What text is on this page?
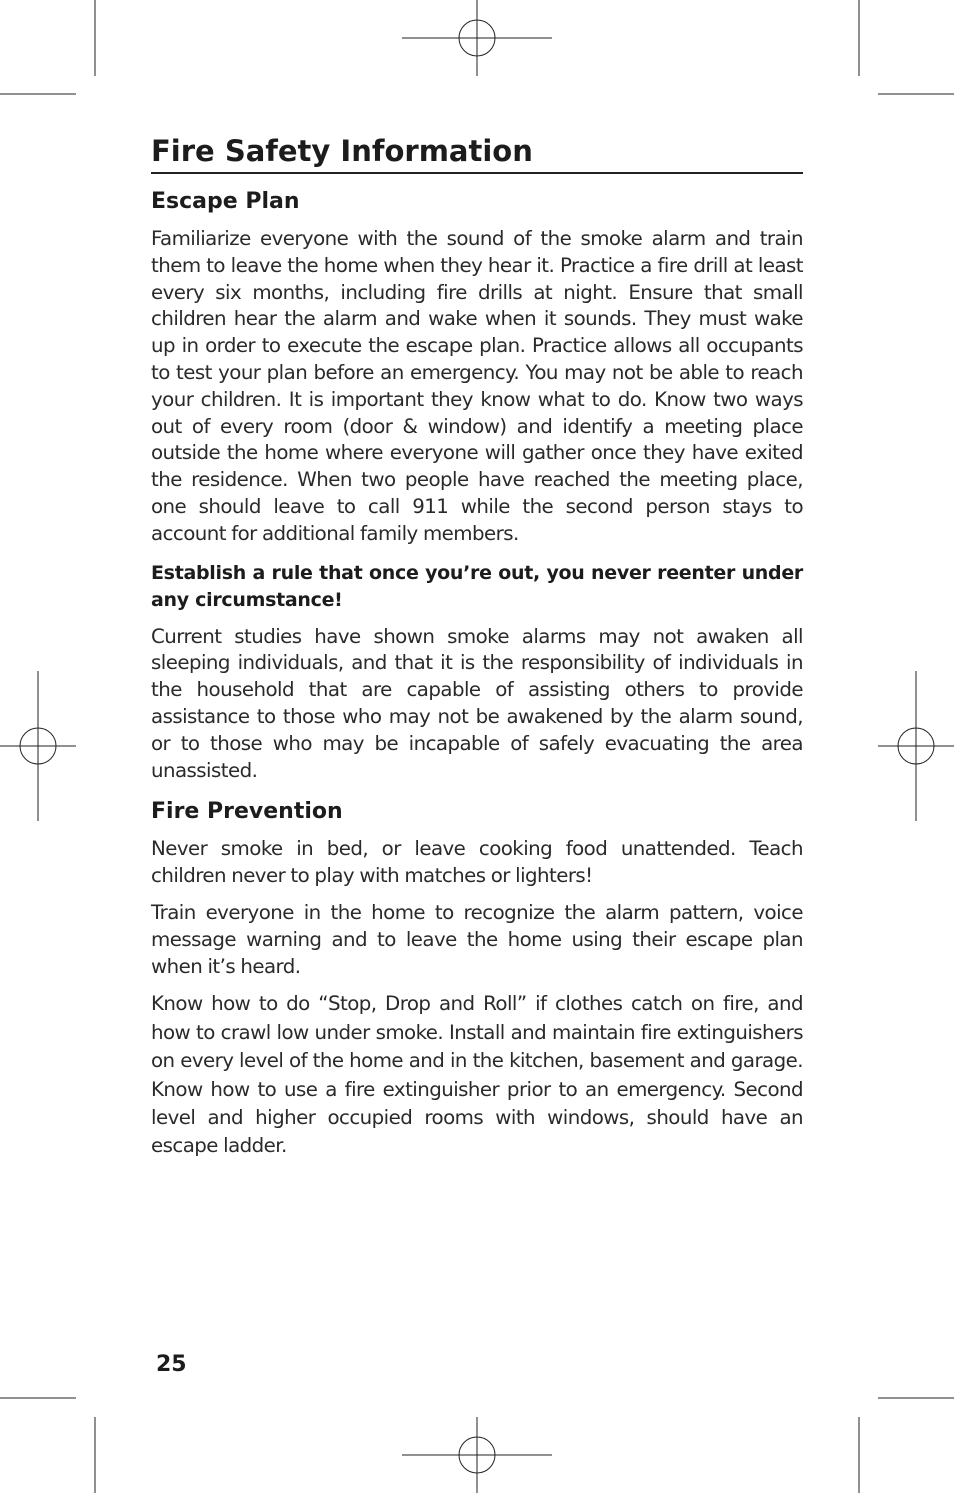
Fire Safety Information
Escape Plan

Familiarize everyone with the sound of the smoke alarm and train them to leave the home when they hear it. Practice a fire drill at least every six months, including fire drills at night. Ensure that small children hear the alarm and wake when it sounds. They must wake up in order to execute the escape plan. Practice allows all occupants to test your plan before an emergency. You may not be able to reach your children. It is important they know what to do. Know two ways out of every room (door & window) and identify a meeting place outside the home where everyone will gather once they have exited the residence. When two people have reached the meeting place, one should leave to call 911 while the second person stays to account for additional family members.

Establish a rule that once you’re out, you never reenter under any circumstance!

Current studies have shown smoke alarms may not awaken all sleeping individuals, and that it is the responsibility of individuals in the household that are capable of assisting others to provide assistance to those who may not be awakened by the alarm sound, or to those who may be incapable of safely evacuating the area unassisted.

Fire Prevention

Never smoke in bed, or leave cooking food unattended. Teach children never to play with matches or lighters!

Train everyone in the home to recognize the alarm pattern, voice message warning and to leave the home using their escape plan when it’s heard.

Know how to do “Stop, Drop and Roll” if clothes catch on fire, and how to crawl low under smoke. Install and maintain fire extinguishers on every level of the home and in the kitchen, basement and garage. Know how to use a fire extinguisher prior to an emergency. Second level and higher occupied rooms with windows, should have an escape ladder.

25
